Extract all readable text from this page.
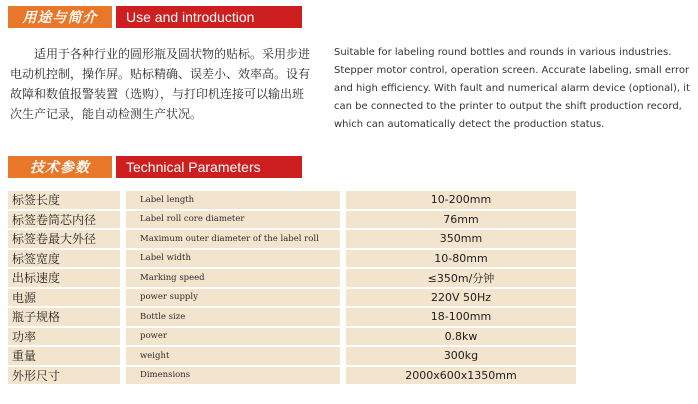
用途与简介	Use and introduction

适用于各种行业的圆形瓶及圆状物的贴标。采用步进电动机控制，操作屏。贴标精确、误差小、效率高。设有故障和数值报警装置（选购），与打印机连接可以输出班次生产记录，能自动检测生产状况。

Suitable for labeling round bottles and rounds in various industries. Stepper motor control, operation screen. Accurate labeling, small error and high efficiency. With fault and numerical alarm device (optional), it can be connected to the printer to output the shift production record, which can automatically detect the production status.

技术参数	Technical Parameters
标签长度		Label length		10-200mm
标签卷筒芯内径		Label roll core diameter		76mm
标签卷最大外径		Maximum outer diameter of the label roll		350mm
标签宽度		Label width		10-80mm
出标速度		Marking speed		≤350m/分钟
电源		power supply		220V 50Hz
瓶子规格		Bottle size		18-100mm
功率		power		0.8kw
重量		weight		300kg
外形尺寸		Dimensions		2000x600x1350mm
